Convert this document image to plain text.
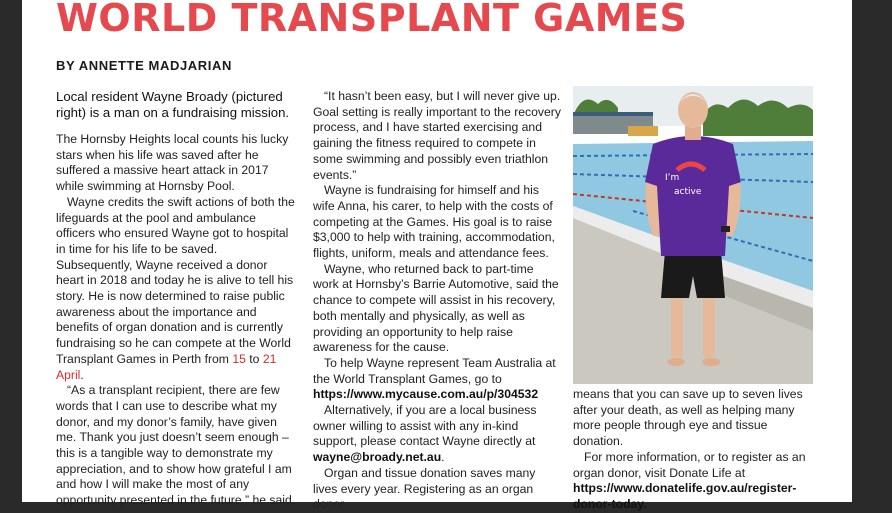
WORLD TRANSPLANT GAMES
BY ANNETTE MADJARIAN

Local resident Wayne Broady (pictured right) is a man on a fundraising mission.

The Hornsby Heights local counts his lucky stars when his life was saved after he suffered a massive heart attack in 2017 while swimming at Hornsby Pool.

Wayne credits the swift actions of both the lifeguards at the pool and ambulance officers who ensured Wayne got to hospital in time for his life to be saved. Subsequently, Wayne received a donor heart in 2018 and today he is alive to tell his story. He is now determined to raise public awareness about the importance and benefits of organ donation and is currently fundraising so he can compete at the World Transplant Games in Perth from 15 to 21 April.

“As a transplant recipient, there are few words that I can use to describe what my donor, and my donor’s family, have given me. Thank you just doesn’t seem enough – this is a tangible way to demonstrate my appreciation, and to show how grateful I am and how I will make the most of any opportunity presented in the future,” he said.

“It hasn’t been easy, but I will never give up. Goal setting is really important to the recovery process, and I have started exercising and gaining the fitness required to compete in some swimming and possibly even triathlon events.”

Wayne is fundraising for himself and his wife Anna, his carer, to help with the costs of competing at the Games. His goal is to raise $3,000 to help with training, accommodation, flights, uniform, meals and attendance fees.

Wayne, who returned back to part-time work at Hornsby’s Barrie Automotive, said the chance to compete will assist in his recovery, both mentally and physically, as well as providing an opportunity to help raise awareness for the cause.

To help Wayne represent Team Australia at the World Transplant Games, go to https://www.mycause.com.au/p/304532

Alternatively, if you are a local business owner willing to assist with any in-kind support, please contact Wayne directly at wayne@broady.net.au.

Organ and tissue donation saves many lives every year. Registering as an organ donor

I’m
active

means that you can save up to seven lives after your death, as well as helping many more people through eye and tissue donation.

For more information, or to register as an organ donor, visit Donate Life at https://www.donatelife.gov.au/register-donor-today.
